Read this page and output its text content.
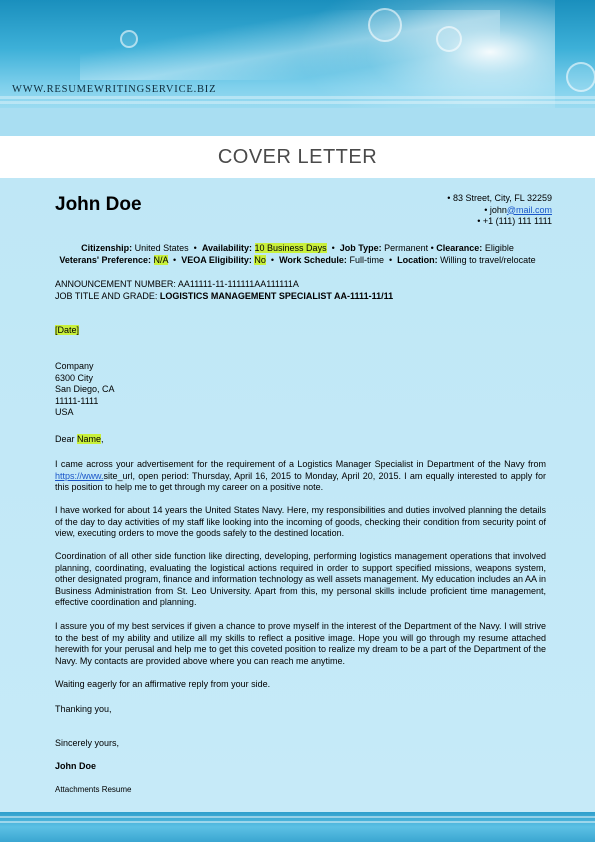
WWW.RESUMEWRITINGSERVICE.BIZ
COVER LETTER
John Doe	• 83 Street, City, FL 32259
• john@mail.com
• +1 (111) 111 1111
Citizenship: United States  •  Availability: 10 Business Days  •  Job Type: Permanent • Clearance: Eligible
Veterans' Preference: N/A  •  VEOA Eligibility: No  •  Work Schedule: Full-time  •  Location: Willing to travel/relocate
ANNOUNCEMENT NUMBER: AA11111-11-111111AA111111A
JOB TITLE AND GRADE: LOGISTICS MANAGEMENT SPECIALIST AA-1111-11/11
[Date]
Company
6300 City
San Diego, CA
11111-1111
USA
Dear Name,
I came across your advertisement for the requirement of a Logistics Manager Specialist in Department of the Navy from https://www.site_url, open period: Thursday, April 16, 2015 to Monday, April 20, 2015. I am equally interested to apply for this position to help me to get through my career on a positive note.
I have worked for about 14 years the United States Navy. Here, my responsibilities and duties involved planning the details of the day to day activities of my staff like looking into the incoming of goods, checking their condition from security point of view, executing orders to move the goods safely to the destined location.
Coordination of all other side function like directing, developing, performing logistics management operations that involved planning, coordinating, evaluating the logistical actions required in order to support specified missions, weapons system, other designated program, finance and information technology as well assets management. My education includes an AA in Business Administration from St. Leo University. Apart from this, my personal skills include proficient time management, effective coordination and planning.
I assure you of my best services if given a chance to prove myself in the interest of the Department of the Navy. I will strive to the best of my ability and utilize all my skills to reflect a positive image. Hope you will go through my resume attached herewith for your perusal and help me to get this coveted position to realize my dream to be a part of the Department of the Navy. My contacts are provided above where you can reach me anytime.
Waiting eagerly for an affirmative reply from your side.
Thanking you,
Sincerely yours,
John Doe
Attachments Resume
